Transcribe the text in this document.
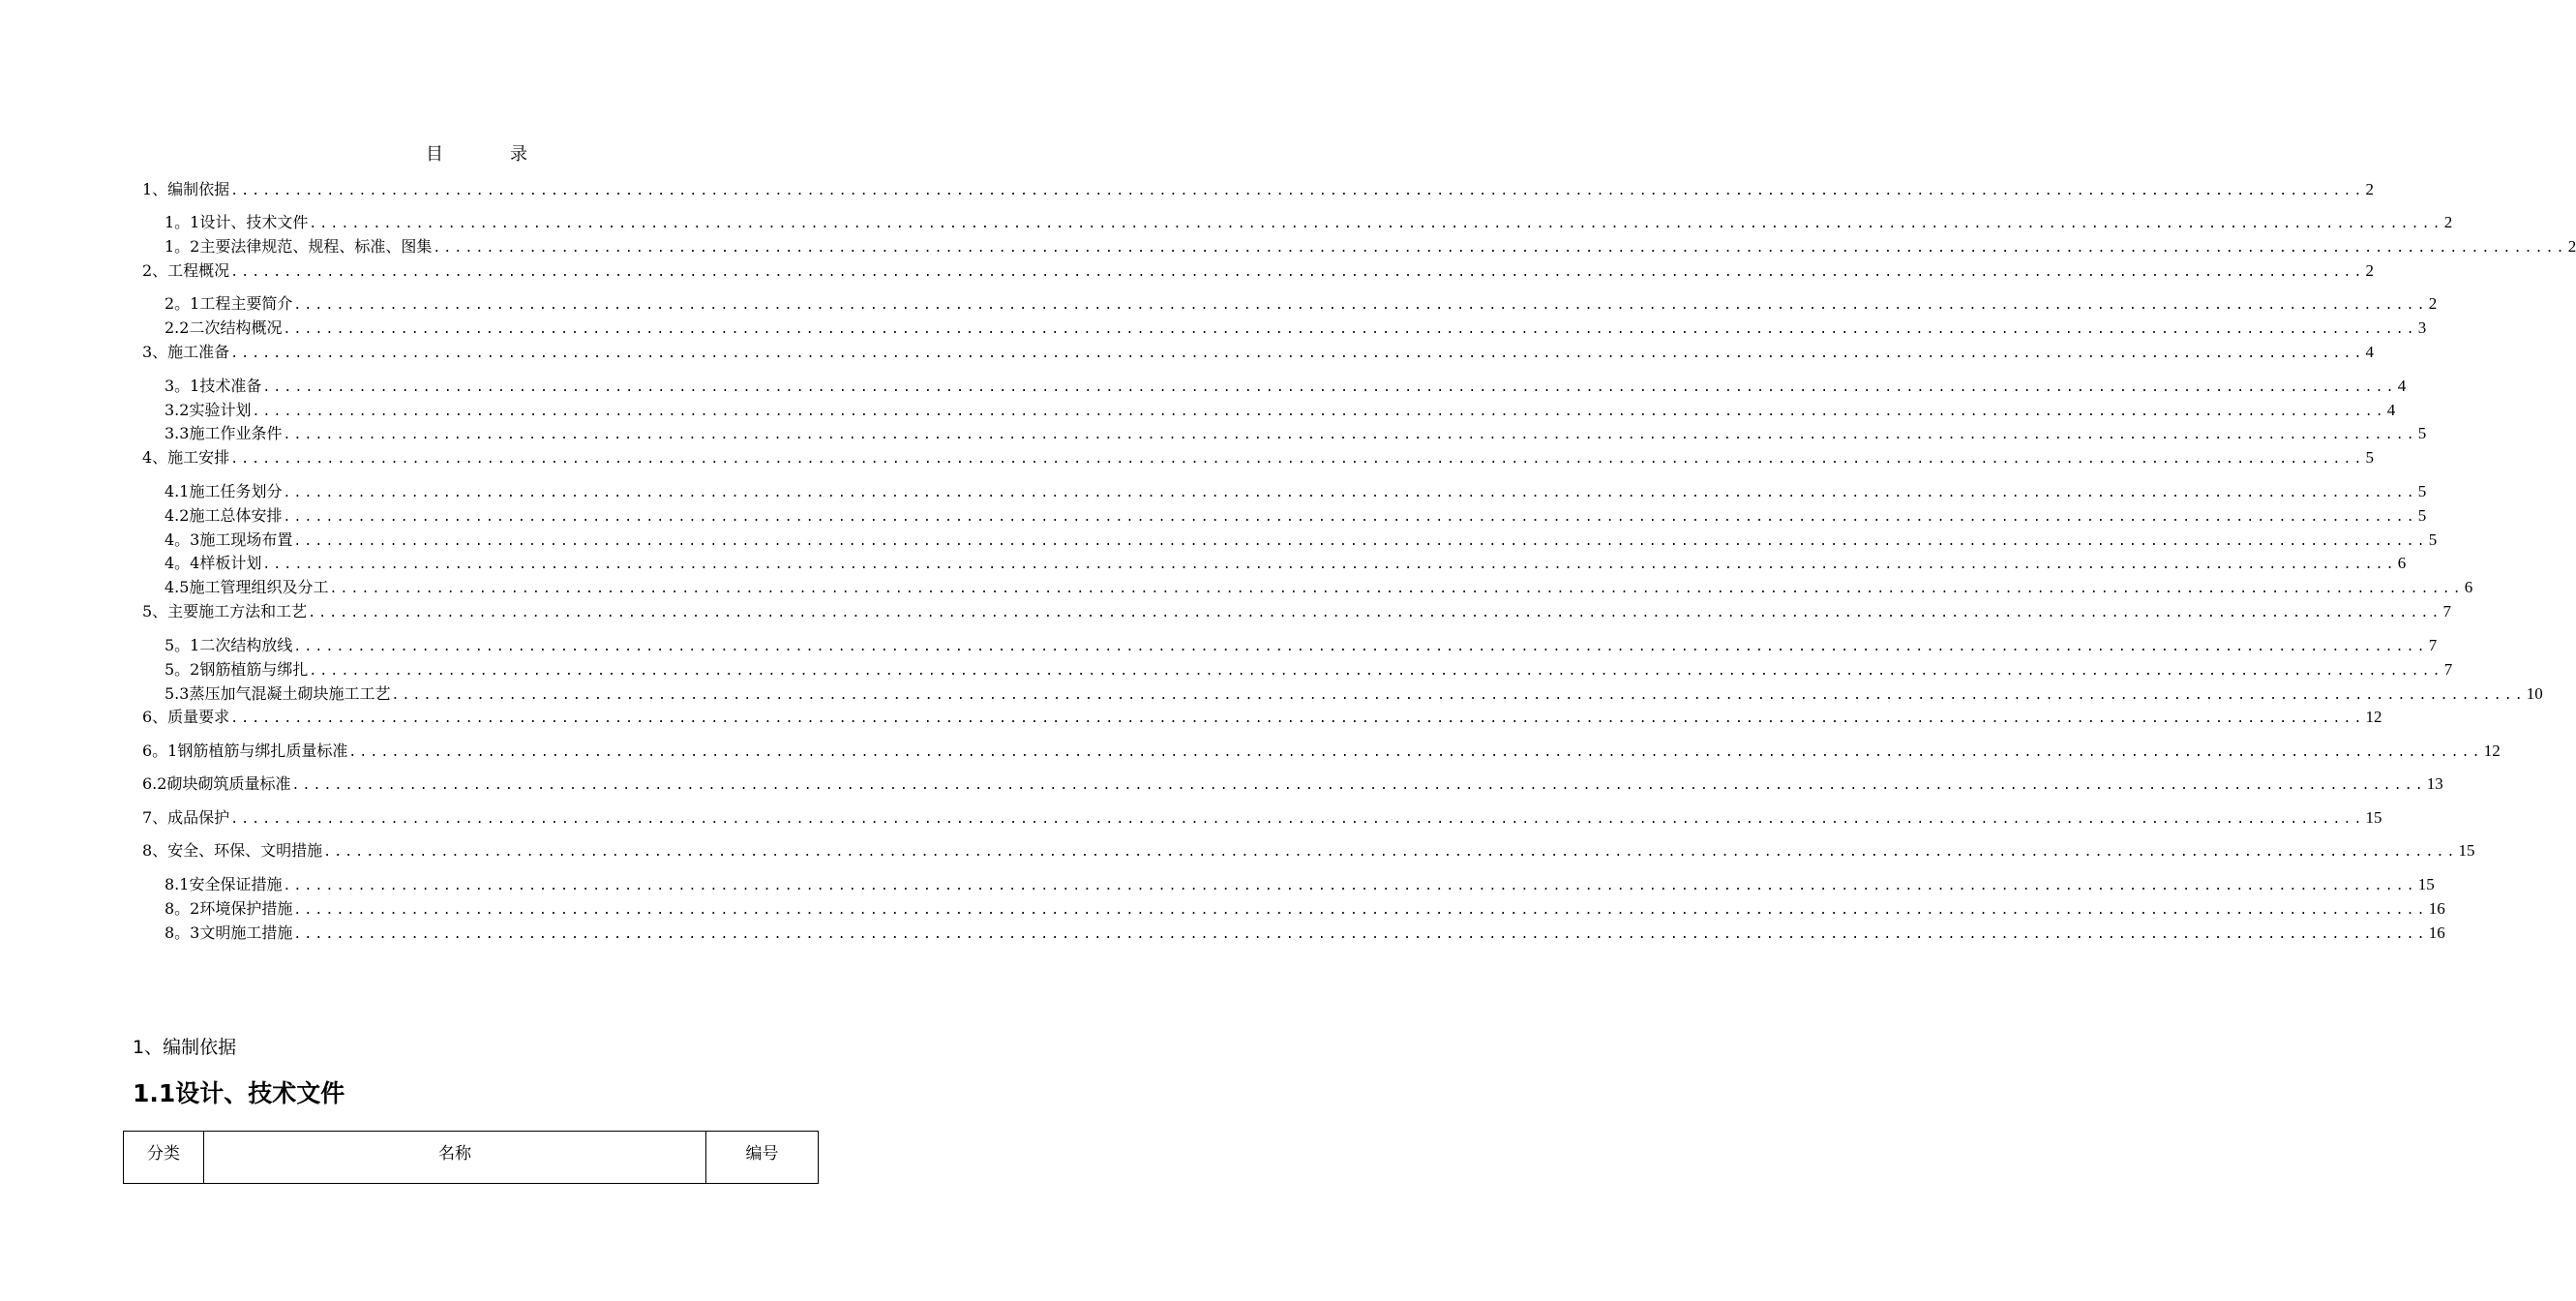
目	录
1、编制依据 ........................................................................................................................................................................................................ 2
1。1设计、技术文件 ........................................................................................................................................................................................................ 2
1。2主要法律规范、规程、标准、图集 ........................................................................................................................................................................................................ 2
2、工程概况 ........................................................................................................................................................................................................ 2
2。1工程主要简介 ........................................................................................................................................................................................................ 2
2.2二次结构概况 ........................................................................................................................................................................................................ 3
3、施工准备 ........................................................................................................................................................................................................ 4
3。1技术准备 ........................................................................................................................................................................................................ 4
3.2实验计划 ........................................................................................................................................................................................................ 4
3.3施工作业条件 ........................................................................................................................................................................................................ 5
4、施工安排 ........................................................................................................................................................................................................ 5
4.1施工任务划分 ........................................................................................................................................................................................................ 5
4.2施工总体安排 ........................................................................................................................................................................................................ 5
4。3施工现场布置 ........................................................................................................................................................................................................ 5
4。4样板计划 ........................................................................................................................................................................................................ 6
4.5施工管理组织及分工 ........................................................................................................................................................................................................ 6
5、主要施工方法和工艺 ........................................................................................................................................................................................................ 7
5。1二次结构放线 ........................................................................................................................................................................................................ 7
5。2钢筋植筋与绑扎 ........................................................................................................................................................................................................ 7
5.3蒸压加气混凝土砌块施工工艺 ........................................................................................................................................................................................................ 10
6、质量要求 ........................................................................................................................................................................................................ 12
6。1钢筋植筋与绑扎质量标准 ........................................................................................................................................................................................................ 12
6.2砌块砌筑质量标准 ........................................................................................................................................................................................................ 13
7、成品保护 ........................................................................................................................................................................................................ 15
8、安全、环保、文明措施 ........................................................................................................................................................................................................ 15
8.1安全保证措施 ........................................................................................................................................................................................................ 15
8。2环境保护措施 ........................................................................................................................................................................................................ 16
8。3文明施工措施 ........................................................................................................................................................................................................ 16
1、编制依据
1.1设计、技术文件
分类	名称	编号
